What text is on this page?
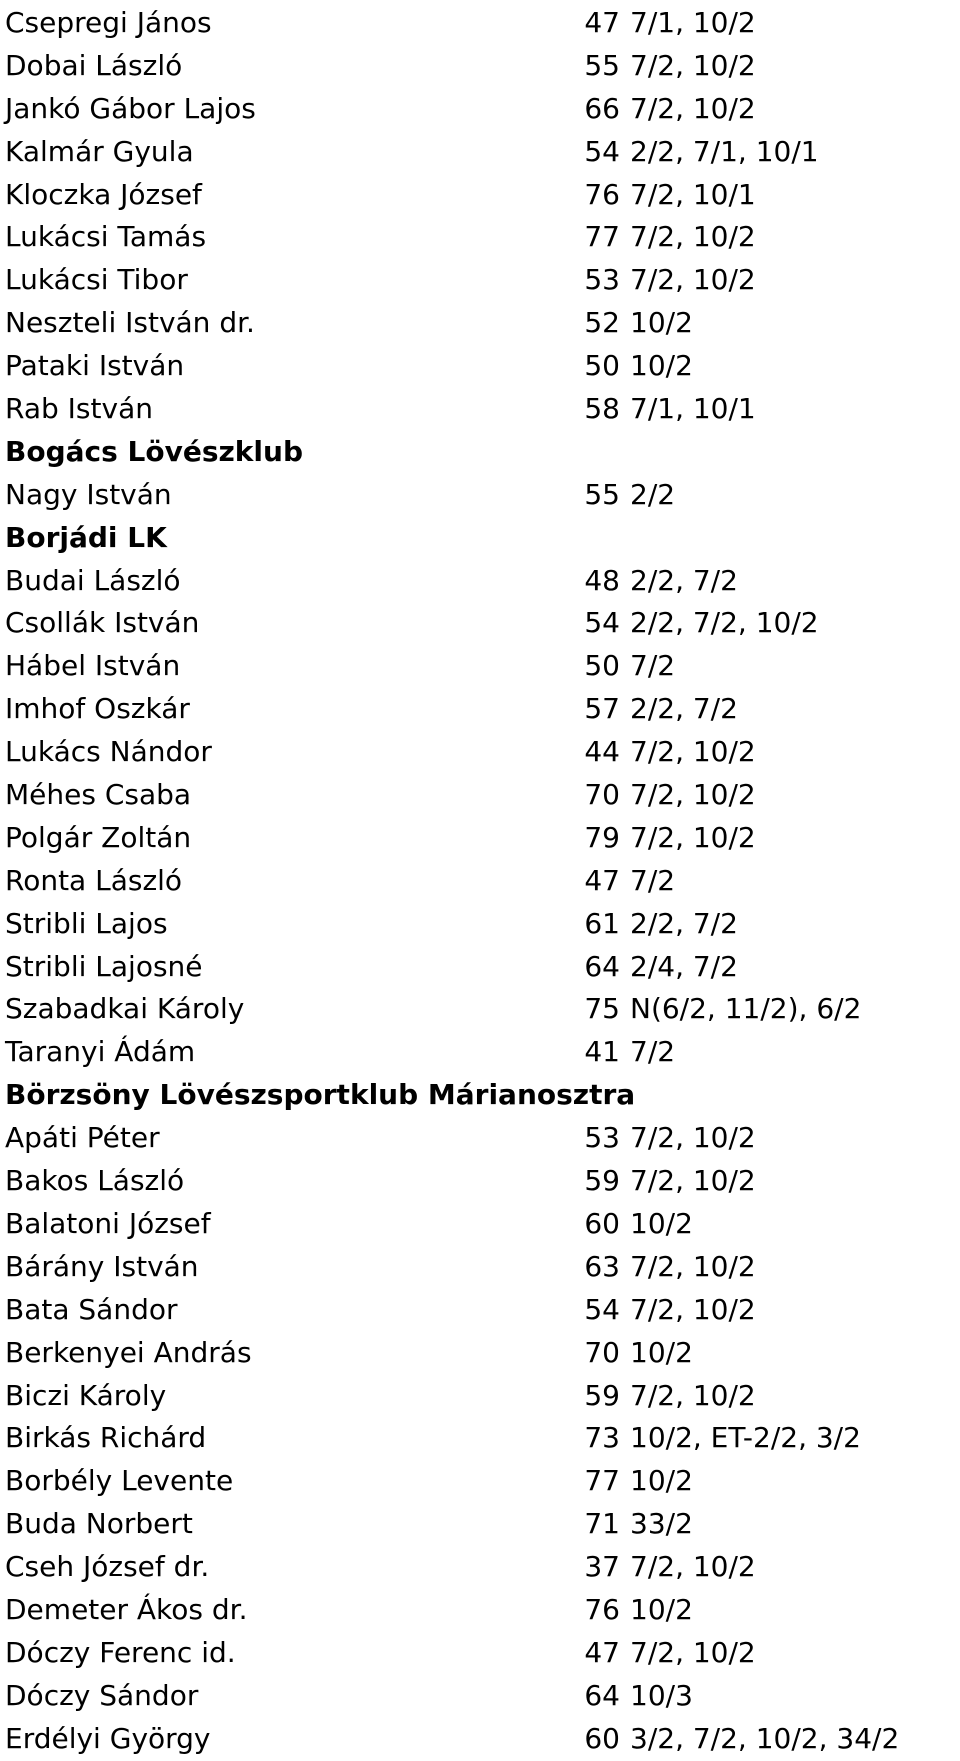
Csepregi János	47 7/1, 10/2
Dobai László	55 7/2, 10/2
Jankó Gábor Lajos	66 7/2, 10/2
Kalmár Gyula	54 2/2, 7/1, 10/1
Kloczka József	76 7/2, 10/1
Lukácsi Tamás	77 7/2, 10/2
Lukácsi Tibor	53 7/2, 10/2
Neszteli István dr.	52 10/2
Pataki István	50 10/2
Rab István	58 7/1, 10/1
Bogács Lövészklub
Nagy István	55 2/2
Borjádi LK
Budai László	48 2/2, 7/2
Csollák István	54 2/2, 7/2, 10/2
Hábel István	50 7/2
Imhof Oszkár	57 2/2, 7/2
Lukács Nándor	44 7/2, 10/2
Méhes Csaba	70 7/2, 10/2
Polgár Zoltán	79 7/2, 10/2
Ronta László	47 7/2
Stribli Lajos	61 2/2, 7/2
Stribli Lajosné	64 2/4, 7/2
Szabadkai Károly	75 N(6/2, 11/2), 6/2
Taranyi Ádám	41 7/2
Börzsöny Lövészsportklub Márianosztra
Apáti Péter	53 7/2, 10/2
Bakos László	59 7/2, 10/2
Balatoni József	60 10/2
Bárány István	63 7/2, 10/2
Bata Sándor	54 7/2, 10/2
Berkenyei András	70 10/2
Biczi Károly	59 7/2, 10/2
Birkás Richárd	73 10/2, ET-2/2, 3/2
Borbély Levente	77 10/2
Buda Norbert	71 33/2
Cseh József dr.	37 7/2, 10/2
Demeter Ákos dr.	76 10/2
Dóczy Ferenc id.	47 7/2, 10/2
Dóczy Sándor	64 10/3
Erdélyi György	60 3/2, 7/2, 10/2, 34/2
